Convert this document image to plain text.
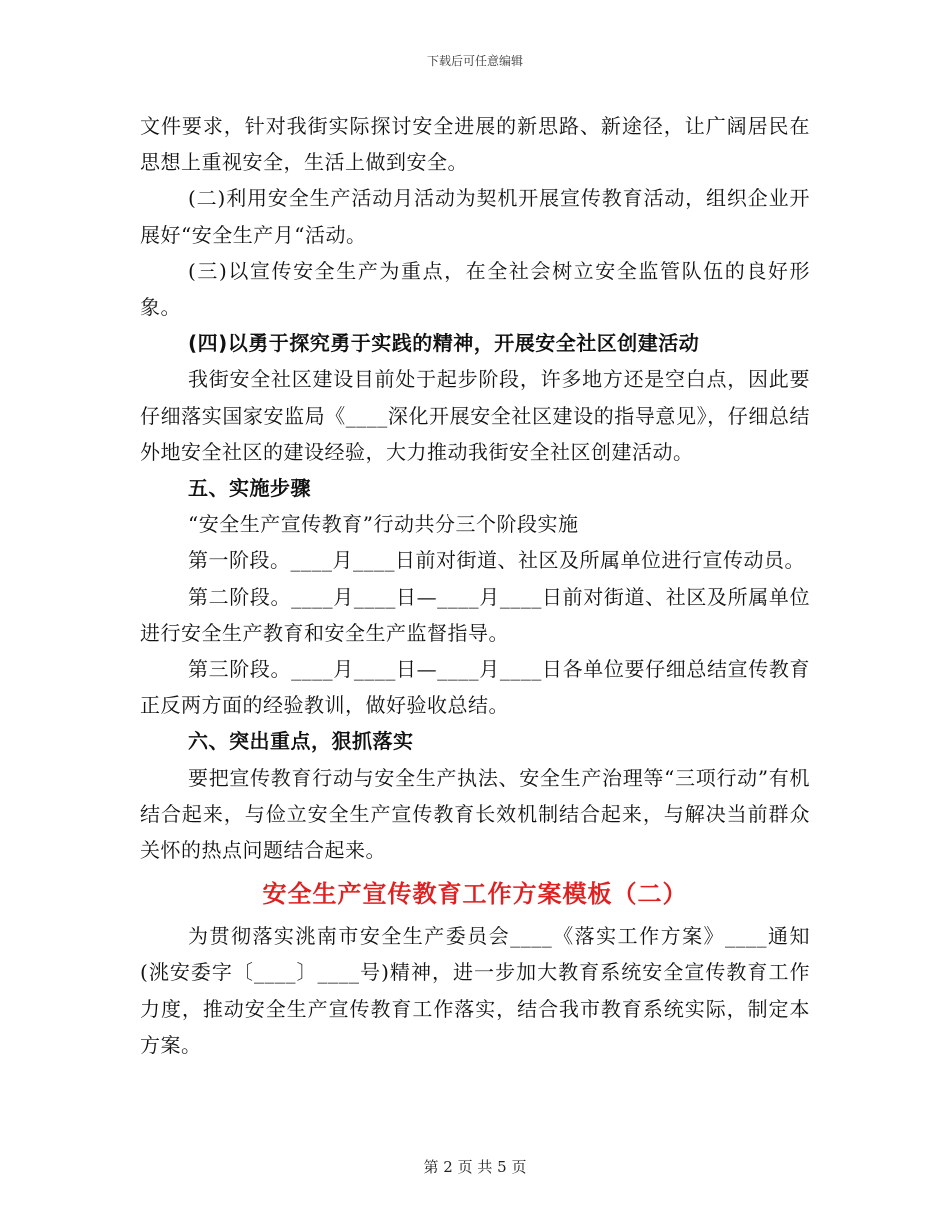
下载后可任意编辑

文件要求，针对我街实际探讨安全进展的新思路、新途径，让广阔居民在思想上重视安全，生活上做到安全。

(二)利用安全生产活动月活动为契机开展宣传教育活动，组织企业开展好“安全生产月“活动。

(三)以宣传安全生产为重点，在全社会树立安全监管队伍的良好形象。

(四)以勇于探究勇于实践的精神，开展安全社区创建活动

我街安全社区建设目前处于起步阶段，许多地方还是空白点，因此要仔细落实国家安监局《____深化开展安全社区建设的指导意见》，仔细总结外地安全社区的建设经验，大力推动我街安全社区创建活动。

五、实施步骤

“安全生产宣传教育”行动共分三个阶段实施

第一阶段。____月____日前对街道、社区及所属单位进行宣传动员。

第二阶段。____月____日—____月____日前对街道、社区及所属单位进行安全生产教育和安全生产监督指导。

第三阶段。____月____日—____月____日各单位要仔细总结宣传教育正反两方面的经验教训，做好验收总结。

六、突出重点，狠抓落实

要把宣传教育行动与安全生产执法、安全生产治理等“三项行动”有机结合起来，与俭立安全生产宣传教育长效机制结合起来，与解决当前群众关怀的热点问题结合起来。

安全生产宣传教育工作方案模板（二）

为贯彻落实洮南市安全生产委员会____《落实工作方案》____通知(洮安委字〔____〕____号)精神，进一步加大教育系统安全宣传教育工作力度，推动安全生产宣传教育工作落实，结合我市教育系统实际，制定本方案。

第 2 页 共 5 页
